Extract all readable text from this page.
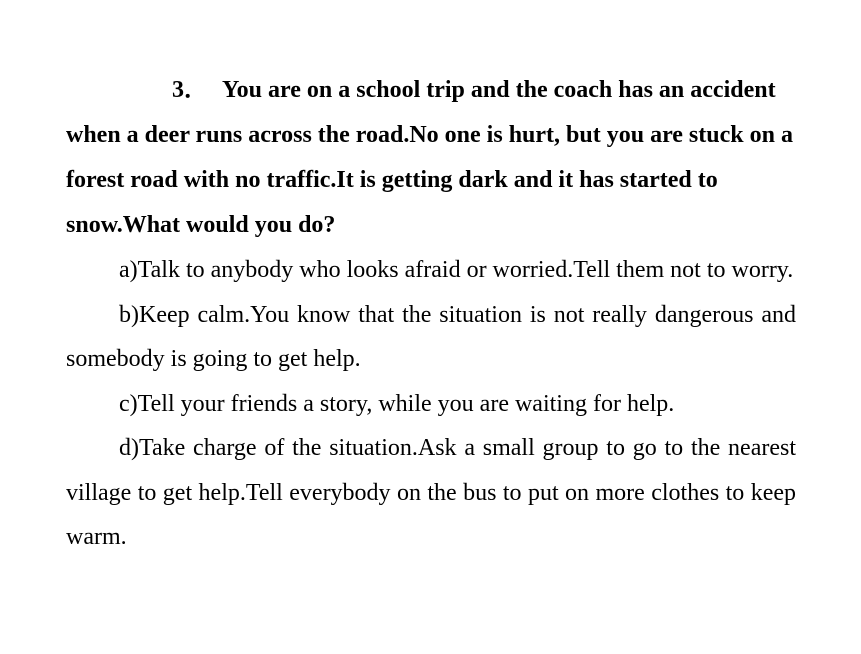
3． You are on a school trip and the coach has an accident when a deer runs across the road.No one is hurt, but you are stuck on a forest road with no traffic.It is getting dark and it has started to snow.What would you do?

a)Talk to anybody who looks afraid or worried.Tell them not to worry.

b)Keep calm.You know that the situation is not really dangerous and somebody is going to get help.

c)Tell your friends a story, while you are waiting for help.

d)Take charge of the situation.Ask a small group to go to the nearest village to get help.Tell everybody on the bus to put on more clothes to keep warm.
